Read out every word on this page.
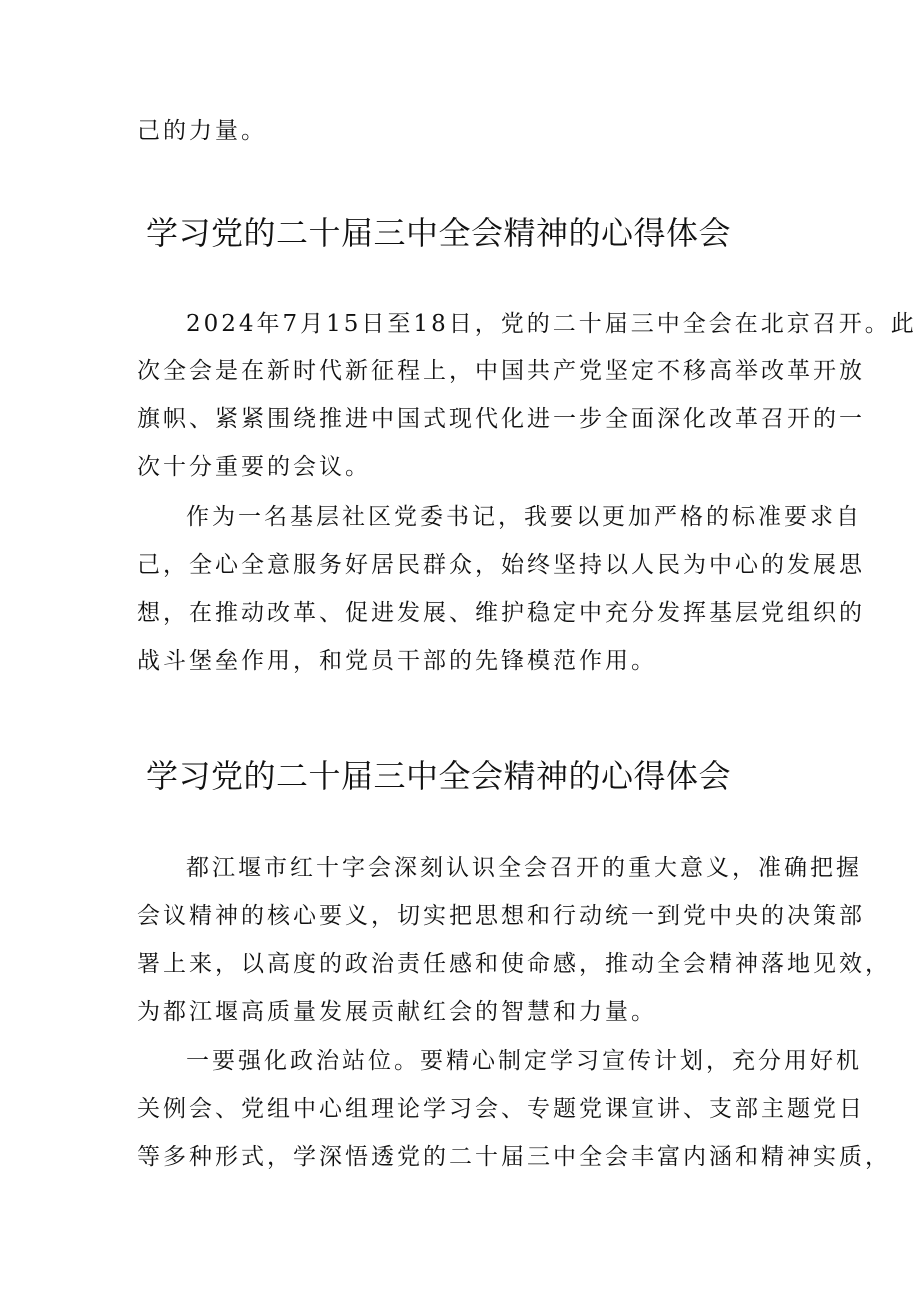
己的力量。
学习党的二十届三中全会精神的心得体会
2024年7月15日至18日，党的二十届三中全会在北京召开。此
次全会是在新时代新征程上，中国共产党坚定不移高举改革开放
旗帜、紧紧围绕推进中国式现代化进一步全面深化改革召开的一
次十分重要的会议。
作为一名基层社区党委书记，我要以更加严格的标准要求自
己，全心全意服务好居民群众，始终坚持以人民为中心的发展思
想，在推动改革、促进发展、维护稳定中充分发挥基层党组织的
战斗堡垒作用，和党员干部的先锋模范作用。
学习党的二十届三中全会精神的心得体会
都江堰市红十字会深刻认识全会召开的重大意义，准确把握
会议精神的核心要义，切实把思想和行动统一到党中央的决策部
署上来，以高度的政治责任感和使命感，推动全会精神落地见效，
为都江堰高质量发展贡献红会的智慧和力量。
一要强化政治站位。要精心制定学习宣传计划，充分用好机
关例会、党组中心组理论学习会、专题党课宣讲、支部主题党日
等多种形式，学深悟透党的二十届三中全会丰富内涵和精神实质，
